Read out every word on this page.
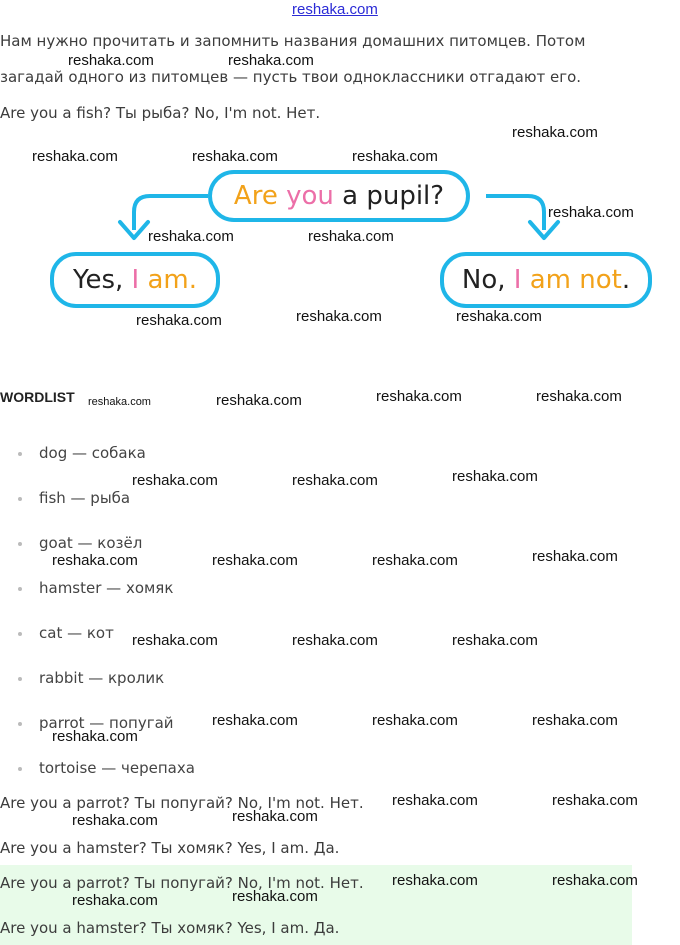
reshaka.com
Нам нужно прочитать и запомнить названия домашних питомцев. Потом
загадай одного из питомцев — пусть твои одноклассники отгадают его.
Are you a fish? Ты рыба? No, I'm not. Нет.
Are you a pupil?
Yes, I am.	No, I am not .
WORDLIST
dog — собака
fish — рыба
goat — козёл
hamster — хомяк
cat — кот
rabbit — кролик
parrot — попугай
tortoise — черепаха
Are you a parrot? Ты попугай? No, I'm not. Нет.
Are you a hamster? Ты хомяк? Yes, I am. Да.
Are you a parrot? Ты попугай? No, I'm not. Нет.
Are you a hamster? Ты хомяк? Yes, I am. Да.
reshaka.com	reshaka.com
reshaka.com
reshaka.com	reshaka.com	reshaka.com
reshaka.com
reshaka.com	reshaka.com
reshaka.com	reshaka.com
reshaka.com
reshaka.com	reshaka.com	reshaka.com	reshaka.com
reshaka.com
reshaka.com	reshaka.com
reshaka.com
reshaka.com	reshaka.com	reshaka.com
reshaka.com	reshaka.com	reshaka.com
reshaka.com	reshaka.com	reshaka.com
reshaka.com
reshaka.com	reshaka.com
reshaka.com
reshaka.com
reshaka.com	reshaka.com
reshaka.com
reshaka.com
